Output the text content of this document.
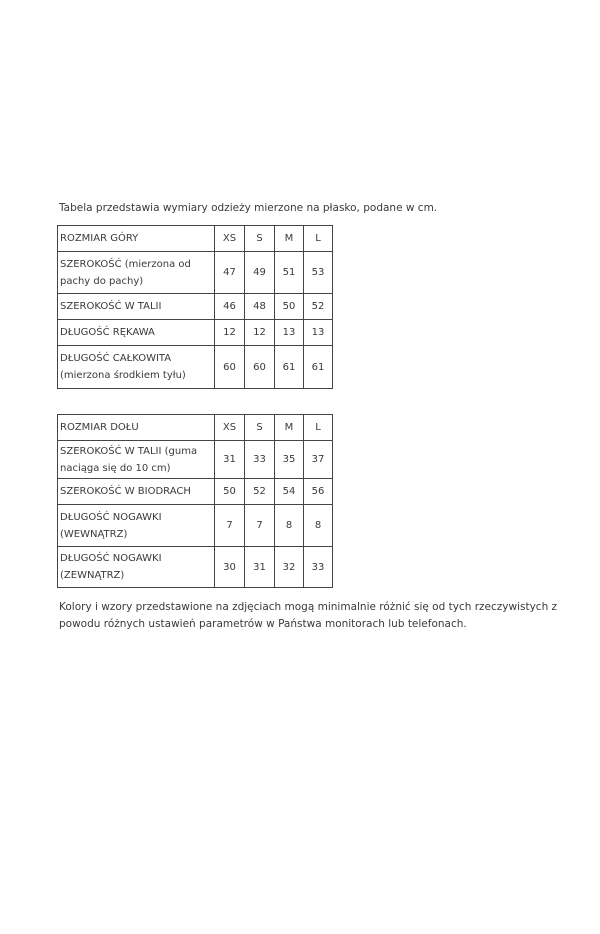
Tabela przedstawia wymiary odzieży mierzone na płasko, podane w cm.
ROZMIAR GÓRY	XS	S	M	L
SZEROKOŚĆ (mierzona od pachy do pachy)	47	49	51	53
SZEROKOŚĆ W TALII	46	48	50	52
DŁUGOŚĆ RĘKAWA	12	12	13	13
DŁUGOŚĆ CAŁKOWITA (mierzona środkiem tyłu)	60	60	61	61
ROZMIAR DOŁU	XS	S	M	L
SZEROKOŚĆ W TALII (guma naciąga się do 10 cm)	31	33	35	37
SZEROKOŚĆ W BIODRACH	50	52	54	56
DŁUGOŚĆ NOGAWKI (WEWNĄTRZ)	7	7	8	8
DŁUGOŚĆ NOGAWKI (ZEWNĄTRZ)	30	31	32	33
Kolory i wzory przedstawione na zdjęciach mogą minimalnie różnić się od tych rzeczywistych z
powodu różnych ustawień parametrów w Państwa monitorach lub telefonach.
